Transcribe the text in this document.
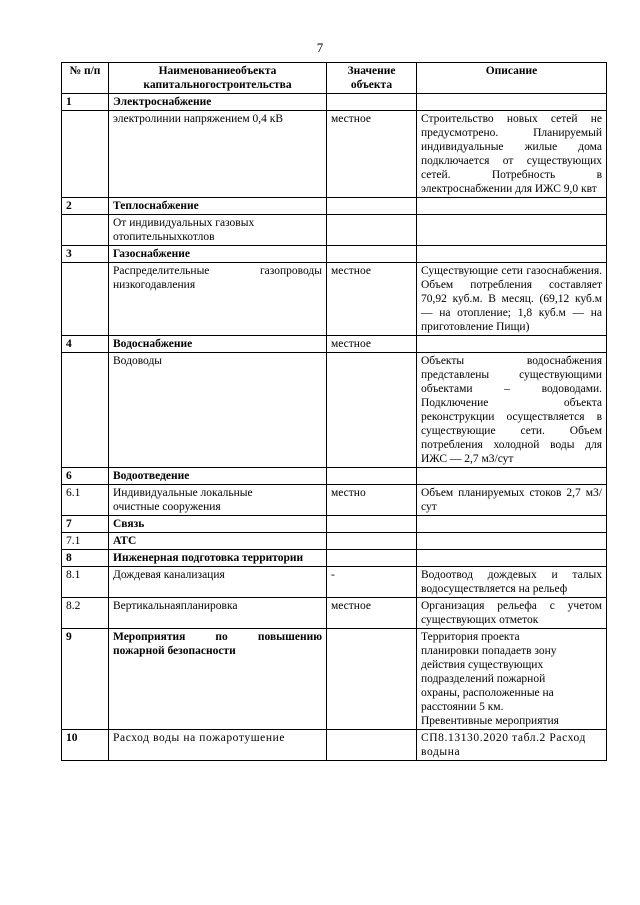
7
№ п/п	Наименованиеобъекта капитальногостроительства	Значение объекта	Описание
1	Электроснабжение		
	электролинии напряжением 0,4 кВ	местное	Строительство новых сетей не предусмотрено. Планируемый индивидуальные жилые дома подключается от существующих сетей. Потребность в электроснабжении для ИЖС 9,0 квт
2	Теплоснабжение		
	От индивидуальных газовых отопительныхкотлов		
3	Газоснабжение		
	Распределительные газопроводы низкогодавления	местное	Существующие сети газоснабжения. Объем потребления составляет 70,92 куб.м. В месяц. (69,12 куб.м — на отопление; 1,8 куб.м — на приготовление Пищи)
4	Водоснабжение	местное	
	Водоводы		Объекты водоснабжения представлены существующими объектами – водоводами. Подключение объекта реконструкции осуществляется в существующие сети. Объем потребления холодной воды для ИЖС — 2,7 м3/сут
6	Водоотведение		
6.1	Индивидуальные локальные очистные сооружения	местно	Объем планируемых стоков 2,7 м3/сут
7	Связь		
7.1	АТС		
8	Инженерная подготовка территории		
8.1	Дождевая канализация	-	Водоотвод дождевых и талых водосуществляется на рельеф
8.2	Вертикальнаяпланировка	местное	Организация рельефа с учетом существующих отметок
9	Мероприятия по повышению пожарной безопасности		Территория проекта планировки попадаетв зону действия существующих подразделений пожарной охраны, расположенные на расстоянии 5 км. Превентивные мероприятия
10	Расход воды на пожаротушение		СП8.13130.2020 табл.2 Расход водына
